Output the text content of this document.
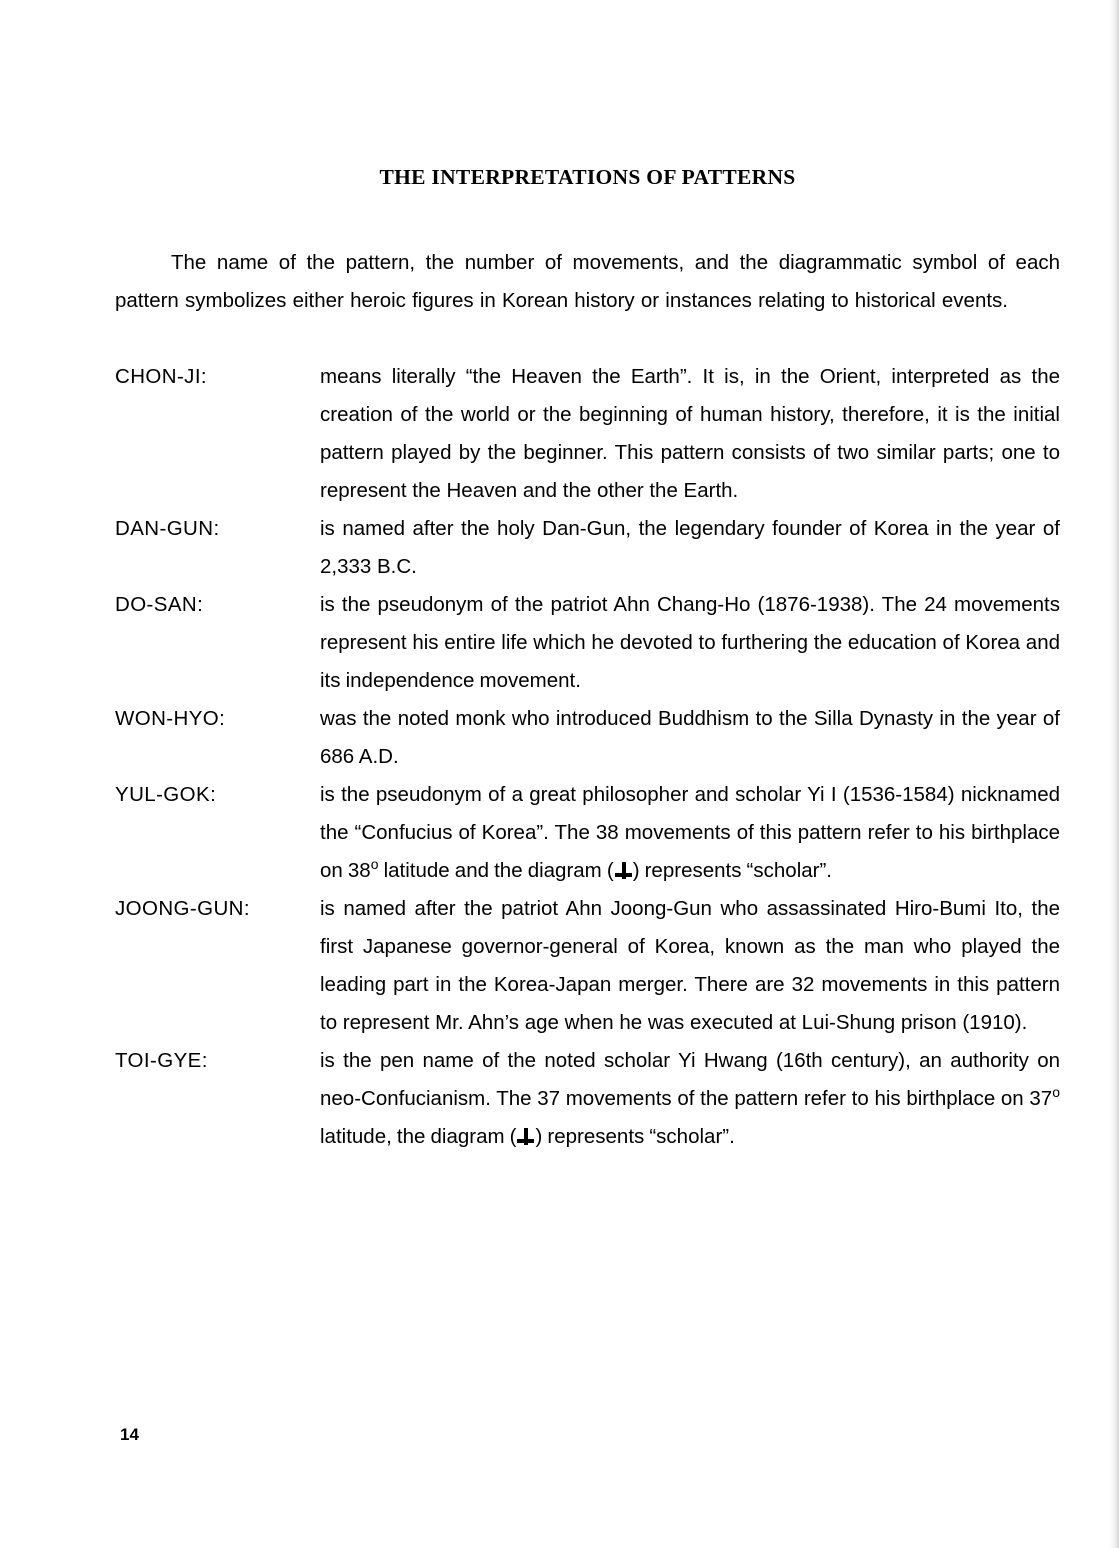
THE INTERPRETATIONS OF PATTERNS

The name of the pattern, the number of movements, and the diagrammatic symbol of each pattern symbolizes either heroic figures in Korean history or instances relating to historical events.

CHON-JI:	means literally “the Heaven the Earth”. It is, in the Orient, interpreted as the creation of the world or the beginning of human history, therefore, it is the initial pattern played by the beginner. This pattern consists of two similar parts; one to represent the Heaven and the other the Earth.
DAN-GUN:	is named after the holy Dan-Gun, the legendary founder of Korea in the year of 2,333 B.C.
DO-SAN:	is the pseudonym of the patriot Ahn Chang-Ho (1876-1938). The 24 movements represent his entire life which he devoted to furthering the education of Korea and its independence movement.
WON-HYO:	was the noted monk who introduced Buddhism to the Silla Dynasty in the year of 686 A.D.
YUL-GOK:	is the pseudonym of a great philosopher and scholar Yi I (1536-1584) nicknamed the “Confucius of Korea”. The 38 movements of this pattern refer to his birthplace on 38$^o$ latitude and the diagram ( ) represents “scholar”.
JOONG-GUN:	is named after the patriot Ahn Joong-Gun who assassinated Hiro-Bumi Ito, the first Japanese governor-general of Korea, known as the man who played the leading part in the Korea-Japan merger. There are 32 movements in this pattern to represent Mr. Ahn’s age when he was executed at Lui-Shung prison (1910).
TOI-GYE:	is the pen name of the noted scholar Yi Hwang (16th century), an authority on neo-Confucianism. The 37 movements of the pattern refer to his birthplace on 37$^o$ latitude, the diagram ( ) represents “scholar”.
14
